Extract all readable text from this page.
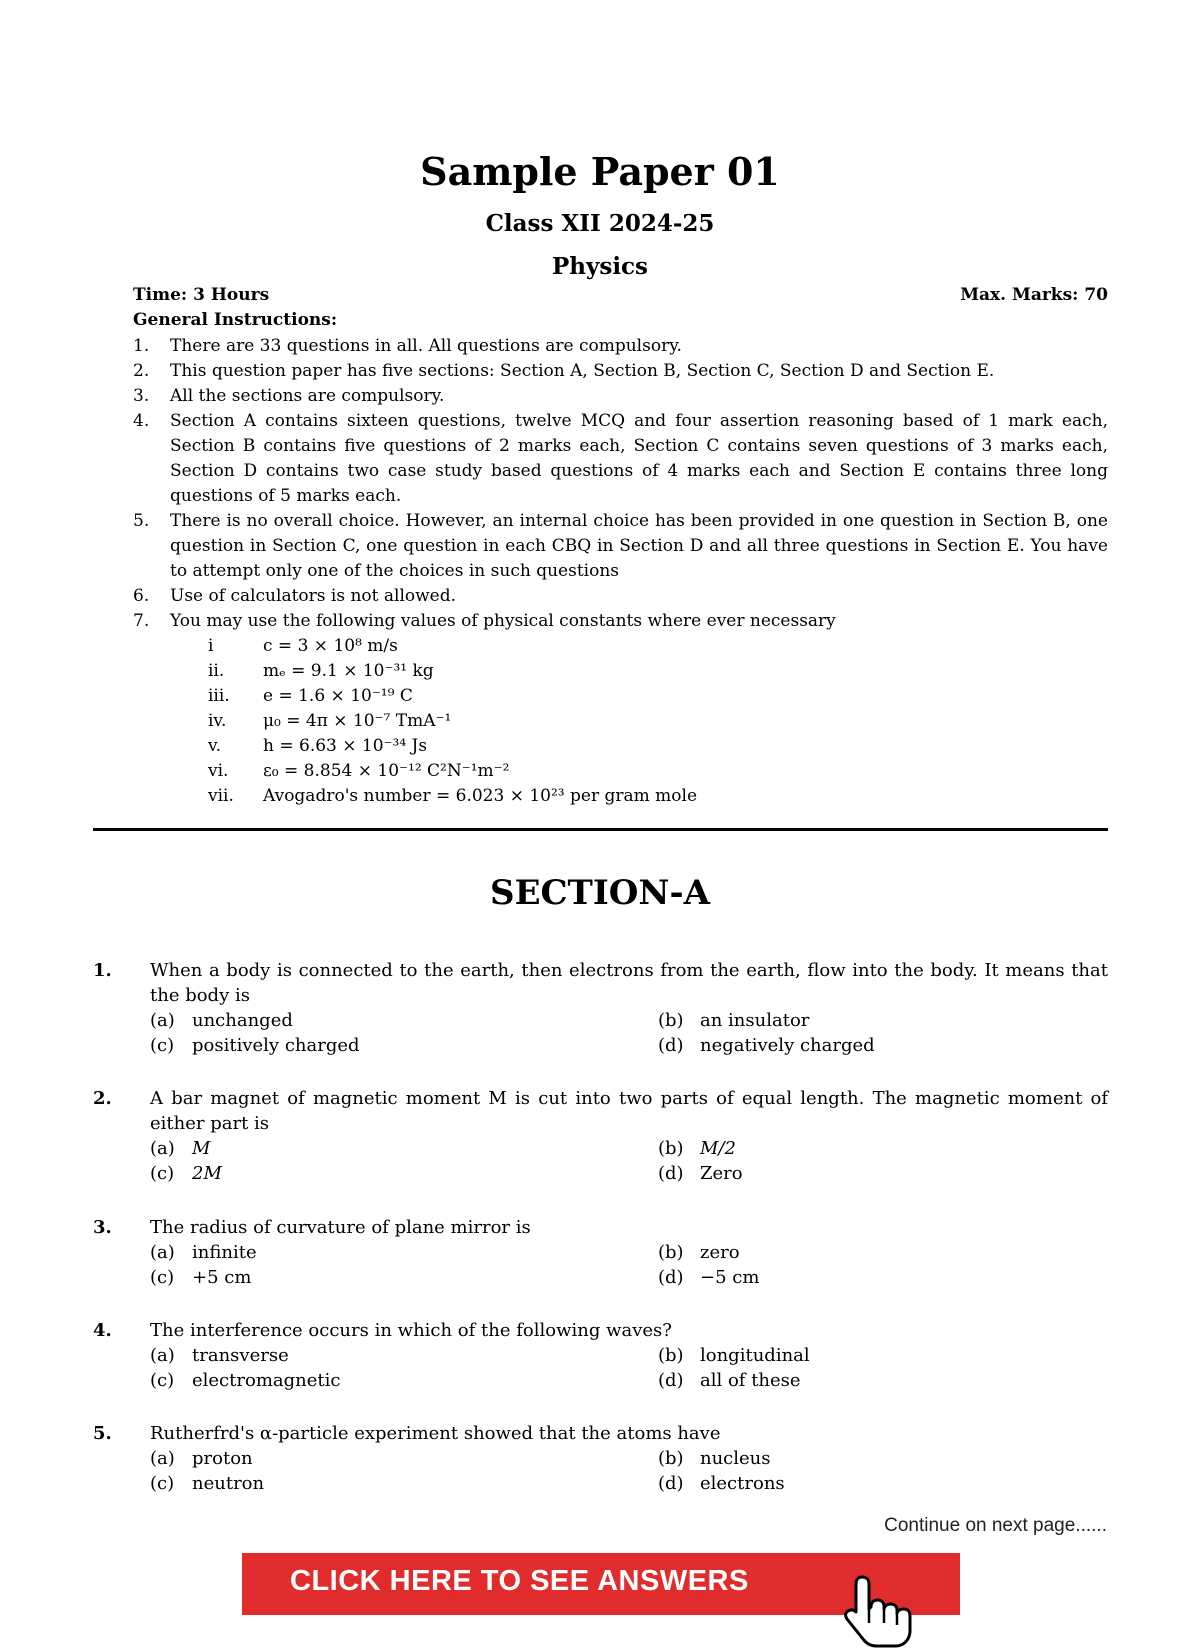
Sample Paper 01
Class XII 2024-25
Physics
Time: 3 Hours	Max. Marks: 70
General Instructions:
1.	There are 33 questions in all. All questions are compulsory.
2.	This question paper has five sections: Section A, Section B, Section C, Section D and Section E.
3.	All the sections are compulsory.
4.	Section A contains sixteen questions, twelve MCQ and four assertion reasoning based of 1 mark each, Section B contains five questions of 2 marks each, Section C contains seven questions of 3 marks each, Section D contains two case study based questions of 4 marks each and Section E contains three long questions of 5 marks each.
5.	There is no overall choice. However, an internal choice has been provided in one question in Section B, one question in Section C, one question in each CBQ in Section D and all three questions in Section E. You have to attempt only one of the choices in such questions
6.	Use of calculators is not allowed.
7.	You may use the following values of physical constants where ever necessary
i	c = 3 × 10⁸ m/s
ii.	mₑ = 9.1 × 10⁻³¹ kg
iii.	e = 1.6 × 10⁻¹⁹ C
iv.	μ₀ = 4π × 10⁻⁷ TmA⁻¹
v.	h = 6.63 × 10⁻³⁴ Js
vi.	ε₀ = 8.854 × 10⁻¹² C²N⁻¹m⁻²
vii.	Avogadro's number = 6.023 × 10²³ per gram mole
SECTION-A
1.	When a body is connected to the earth, then electrons from the earth, flow into the body. It means that the body is
(a) unchanged	(b) an insulator
(c) positively charged	(d) negatively charged
2.	A bar magnet of magnetic moment M is cut into two parts of equal length. The magnetic moment of either part is
(a) M	(b) M/2
(c) 2M	(d) Zero
3.	The radius of curvature of plane mirror is
(a) infinite	(b) zero
(c) +5 cm	(d) −5 cm
4.	The interference occurs in which of the following waves?
(a) transverse	(b) longitudinal
(c) electromagnetic	(d) all of these
5.	Rutherfrd's α-particle experiment showed that the atoms have
(a) proton	(b) nucleus
(c) neutron	(d) electrons
Continue on next page......
CLICK HERE TO SEE ANSWERS
